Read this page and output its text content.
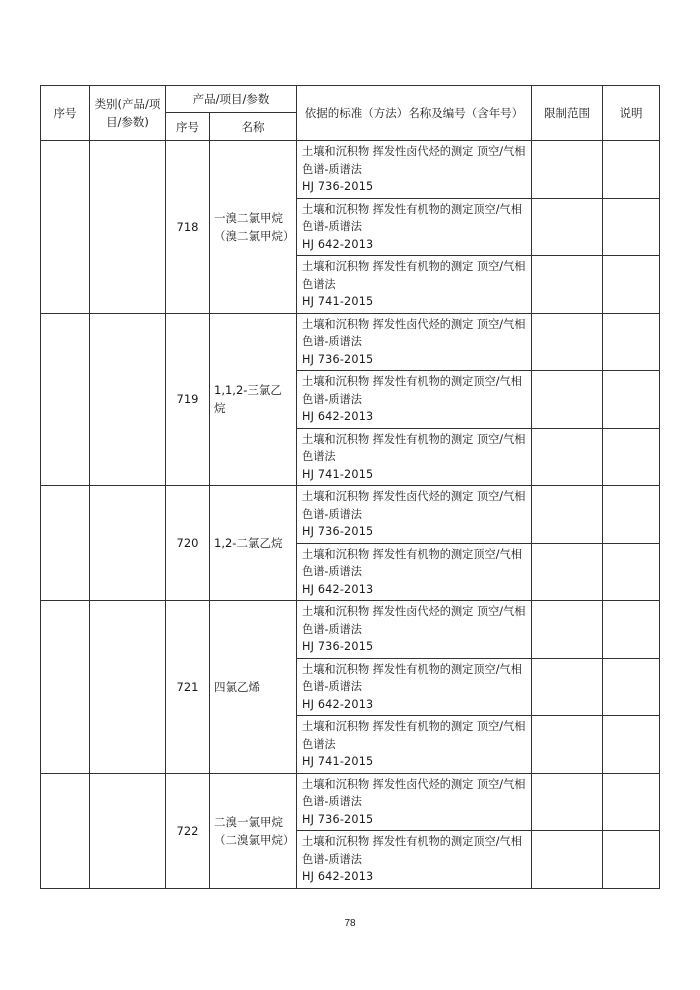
序号	类别(产品/项目/参数)	产品/项目/参数		依据的标准（方法）名称及编号（含年号）	限制范围	说明
		序号	名称			
		718	一溴二氯甲烷（溴二氯甲烷）	土壤和沉积物 挥发性卤代烃的测定 顶空/气相色谱-质谱法
HJ 736-2015		

				土壤和沉积物 挥发性有机物的测定顶空/气相色谱-质谱法
HJ 642-2013		

				土壤和沉积物 挥发性有机物的测定 顶空/气相色谱法
HJ 741-2015		

		719	1,1,2-三氯乙烷	土壤和沉积物 挥发性卤代烃的测定 顶空/气相色谱-质谱法
HJ 736-2015		

				土壤和沉积物 挥发性有机物的测定顶空/气相色谱-质谱法
HJ 642-2013		

				土壤和沉积物 挥发性有机物的测定 顶空/气相色谱法
HJ 741-2015		

		720	1,2-二氯乙烷	土壤和沉积物 挥发性卤代烃的测定 顶空/气相色谱-质谱法
HJ 736-2015		

				土壤和沉积物 挥发性有机物的测定顶空/气相色谱-质谱法
HJ 642-2013		

		721	四氯乙烯	土壤和沉积物 挥发性卤代烃的测定 顶空/气相色谱-质谱法
HJ 736-2015		

				土壤和沉积物 挥发性有机物的测定顶空/气相色谱-质谱法
HJ 642-2013		

				土壤和沉积物 挥发性有机物的测定 顶空/气相色谱法
HJ 741-2015		

		722	二溴一氯甲烷（二溴氯甲烷）	土壤和沉积物 挥发性卤代烃的测定 顶空/气相色谱-质谱法
HJ 736-2015		

				土壤和沉积物 挥发性有机物的测定顶空/气相色谱-质谱法
HJ 642-2013		

78
